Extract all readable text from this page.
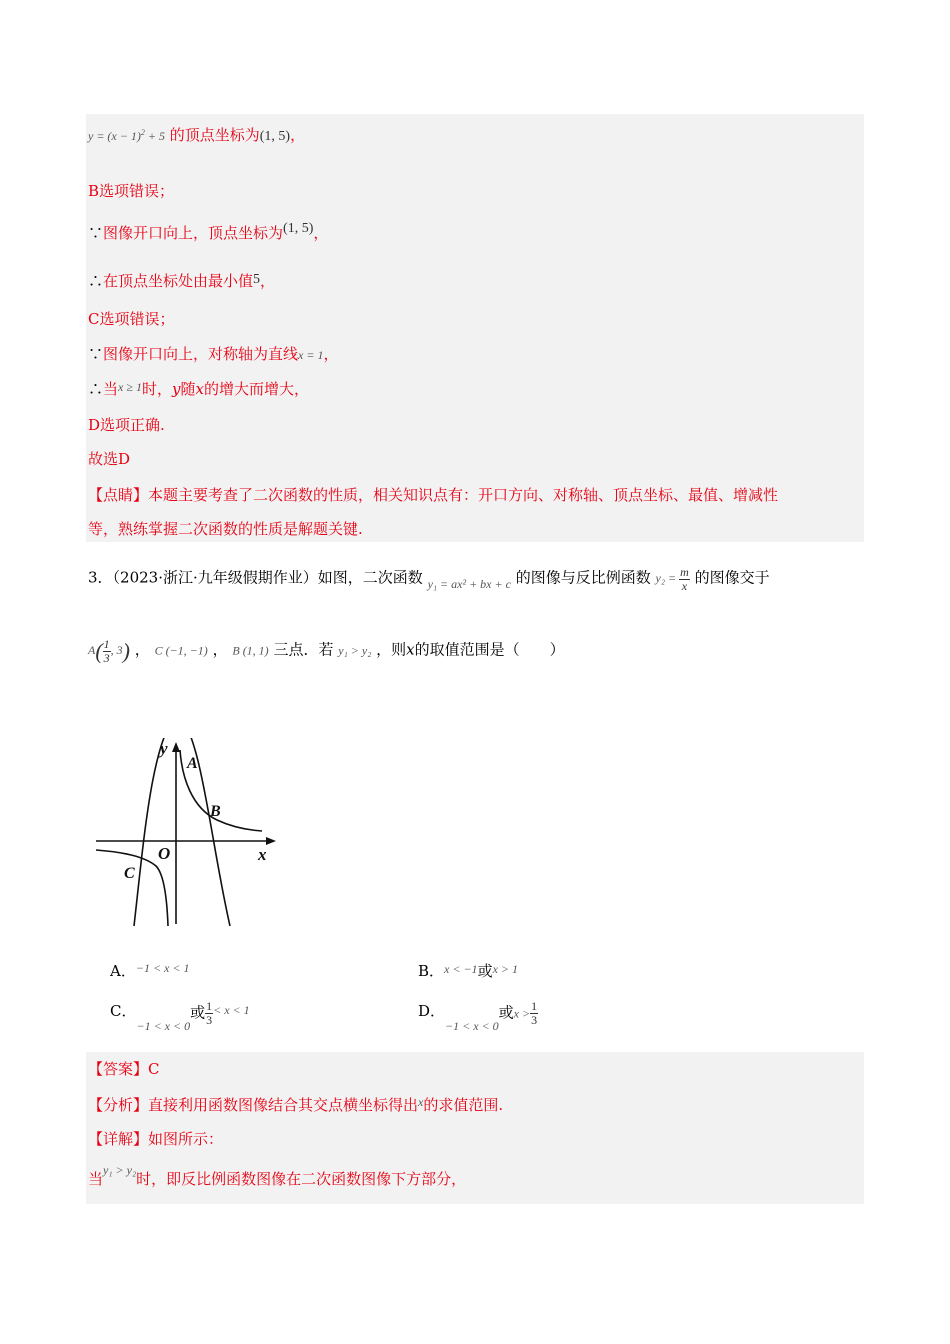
$y = (x - 1)^2 + 5$ 的顶点坐标为(1, 5)，
B选项错误；
∵图像开口向上，顶点坐标为(1, 5)，
∴在顶点坐标处由最小值5，
C选项错误；
∵图像开口向上，对称轴为直线x = 1，
∴当$^{x \ge 1}$时，y随x的增大而增大，
D选项正确.
故选D
【点睛】本题主要考查了二次函数的性质，相关知识点有：开口方向、对称轴、顶点坐标、最值、增减性
等，熟练掌握二次函数的性质是解题关键.
3．（2023·浙江·九年级假期作业）如图，二次函数 $_{y_1 = ax^2 + bx + c}$ 的图像与反比例函数 $y_2 = \frac{m}{x}$ 的图像交于
$A( \frac{1}{3}$ , 3) ， C (−1, −1) ， B (1, 1) 三点．若 y₁ > y₂ ，则x的取值范围是（　　）
y
x
O
A
B
C
A．$^{-1 < x < 1}$	B．$^{x < -1}$或$^{x > 1}$
C．$_{-1 < x < 0}$或 $\frac{1}{3} ^{< x < 1}$	D．$_{-1 < x < 0}$或$x > \frac{1}{3}$
【答案】C
【分析】直接利用函数图像结合其交点横坐标得出$^x$的求值范围.
【详解】如图所示：
当$^{y_1 > y_2}$时，即反比例函数图像在二次函数图像下方部分，
